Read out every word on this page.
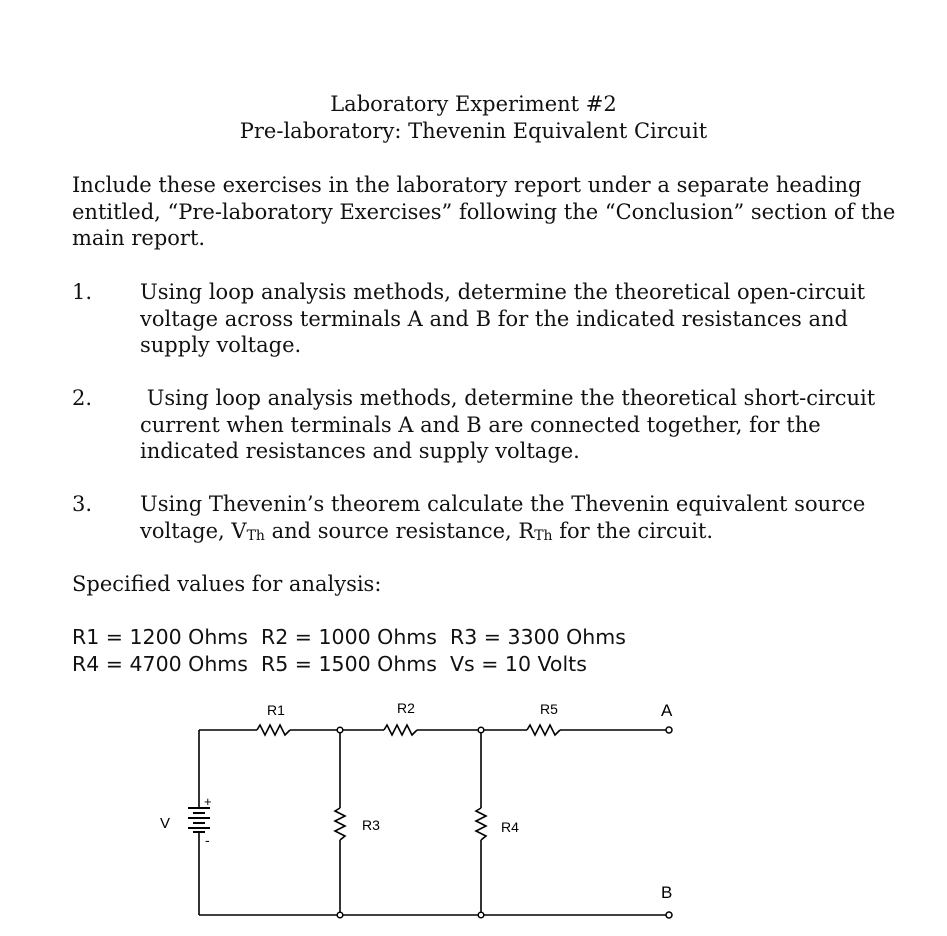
Laboratory Experiment #2
Pre-laboratory: Thevenin Equivalent Circuit
Include these exercises in the laboratory report under a separate heading entitled, “Pre-laboratory Exercises” following the “Conclusion” section of the main report.
1. Using loop analysis methods, determine the theoretical open-circuit voltage across terminals A and B for the indicated resistances and supply voltage.
2. Using loop analysis methods, determine the theoretical short-circuit current when terminals A and B are connected together, for the indicated resistances and supply voltage.
3. Using Thevenin’s theorem calculate the Thevenin equivalent source voltage, $V_{Th}$ and source resistance, $R_{Th}$ for the circuit.
Specified values for analysis:
R1 = 1200 Ohms  R2 = 1000 Ohms  R3 = 3300 Ohms
R4 = 4700 Ohms  R5 = 1500 Ohms  Vs = 10 Volts
R1	R2	R5
R3	R4
V
+
-
A
B
